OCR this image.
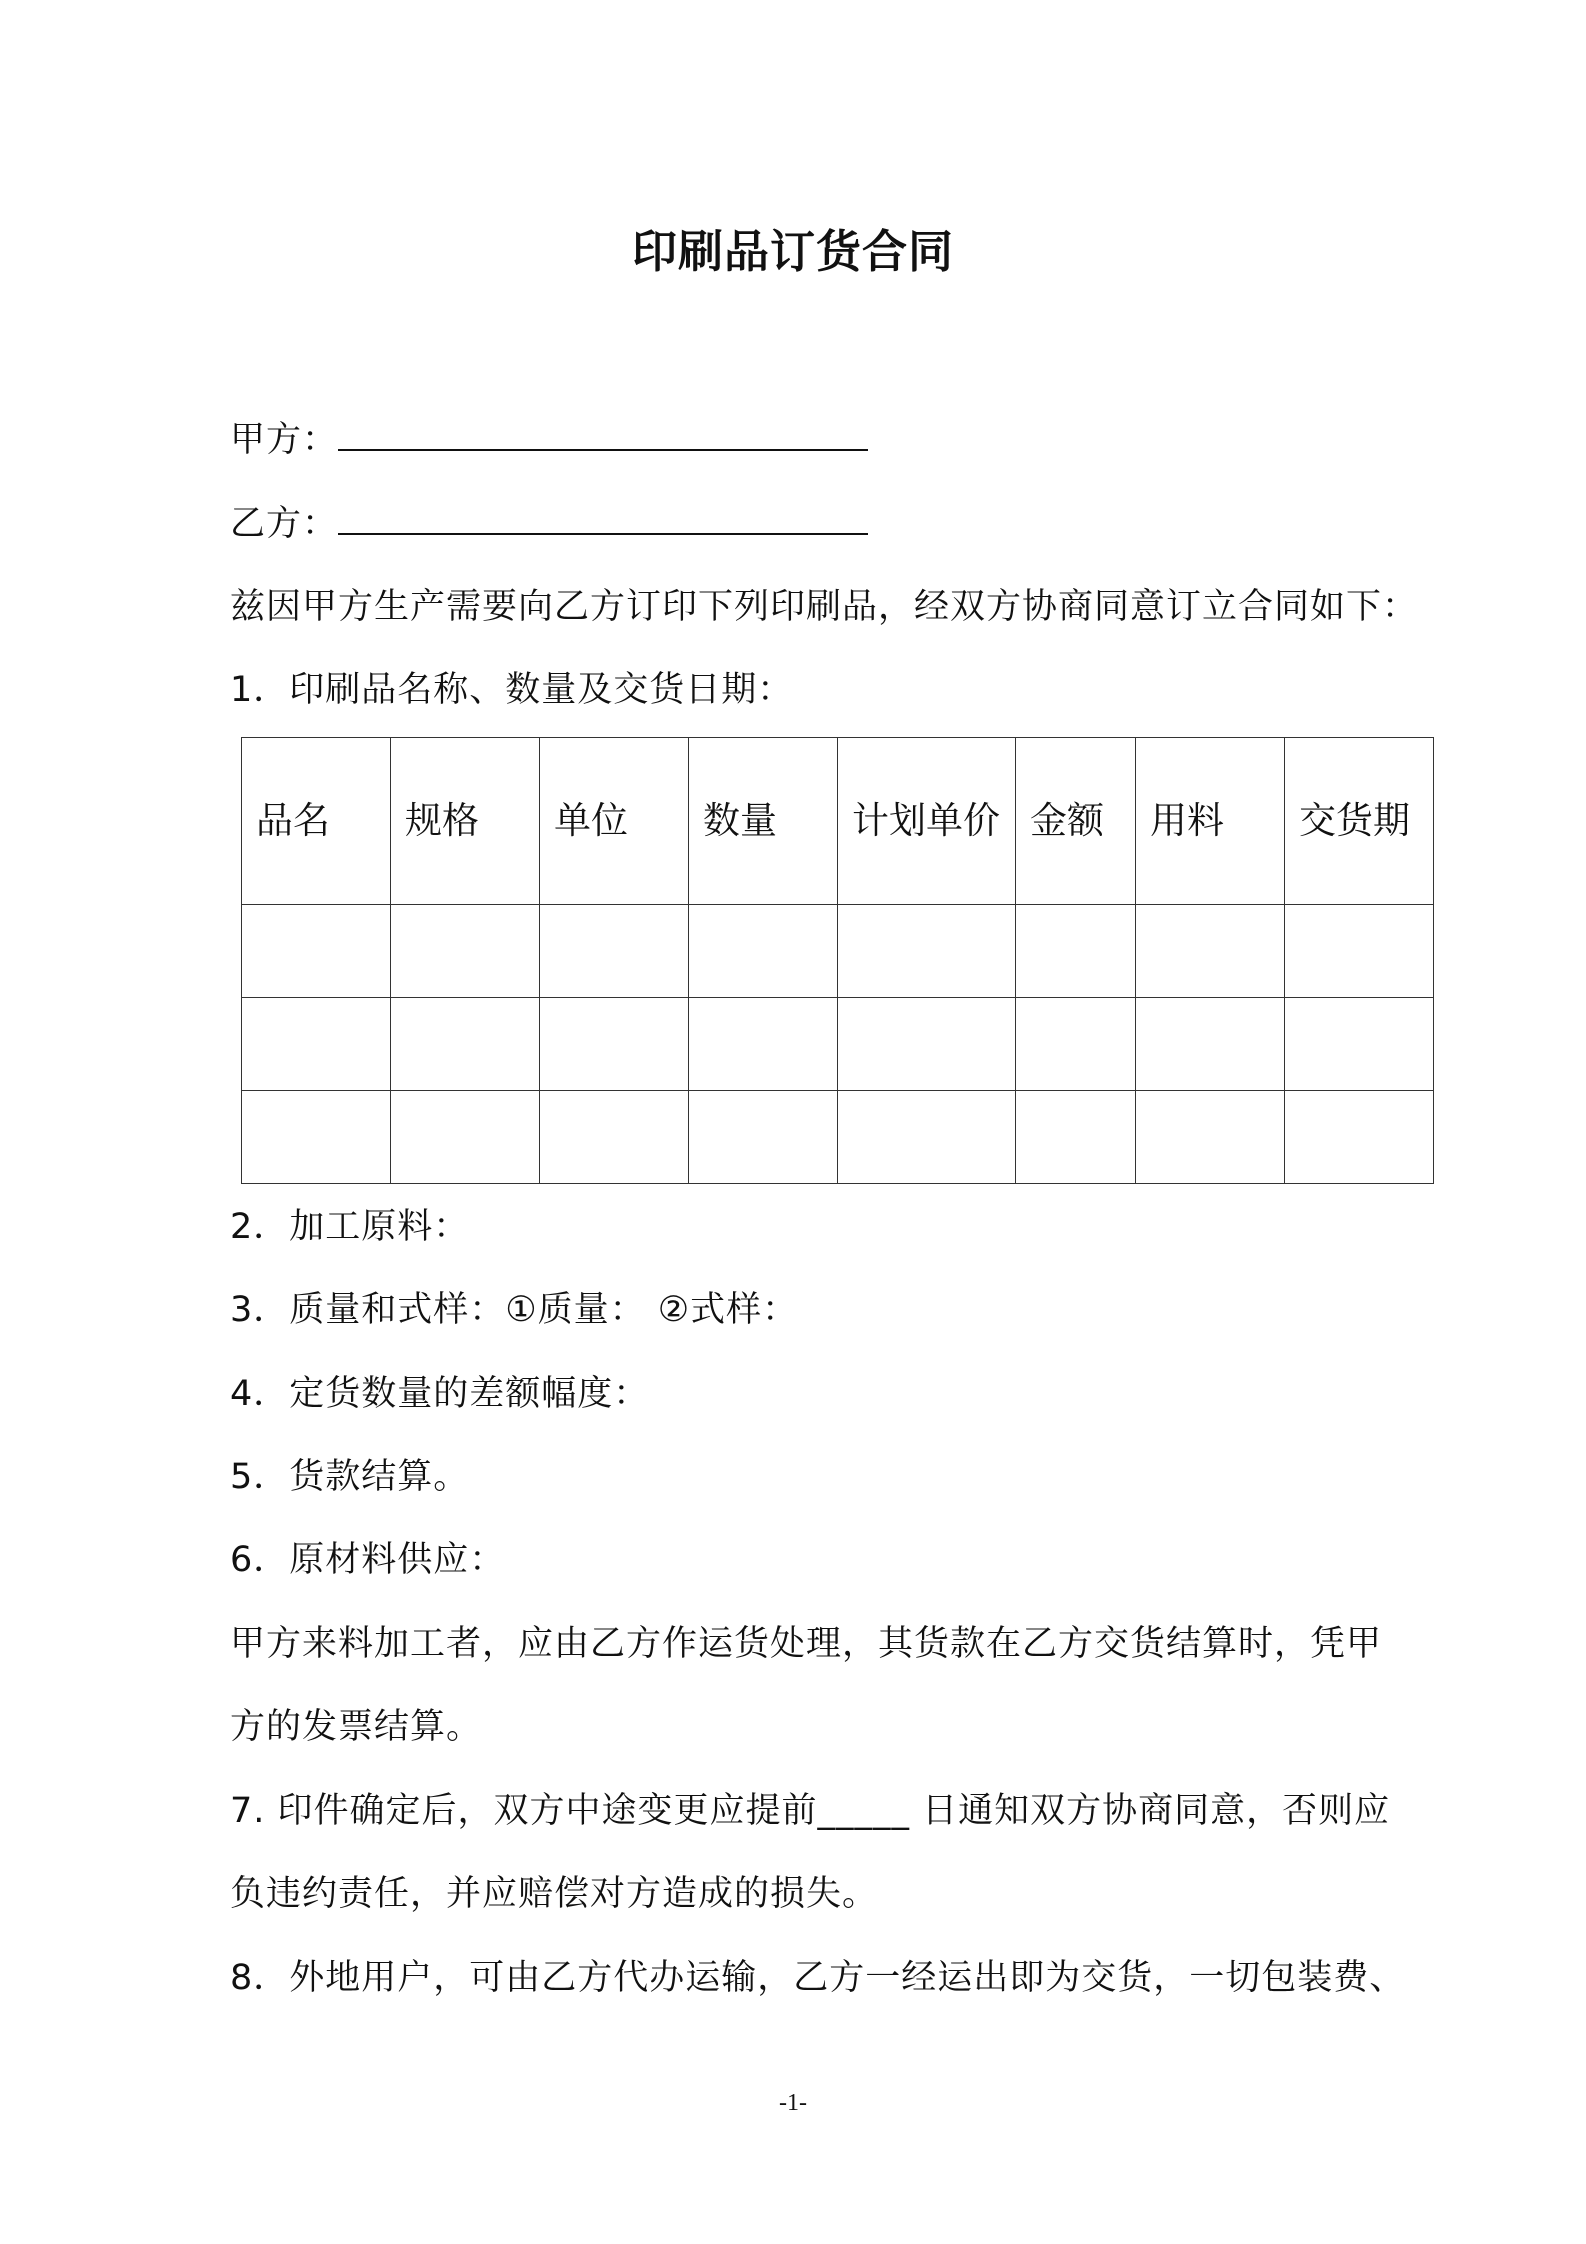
印刷品订货合同
甲方：
乙方：
兹因甲方生产需要向乙方订印下列印刷品，经双方协商同意订立合同如下：
1．印刷品名称、数量及交货日期：
品名	规格	单位	数量	计划单价	金额	用料	交货期

2．加工原料：
3．质量和式样：①质量： ②式样：
4．定货数量的差额幅度：
5．货款结算。
6．原材料供应：
甲方来料加工者，应由乙方作运货处理，其货款在乙方交货结算时，凭甲
方的发票结算。
7. 印件确定后，双方中途变更应提前_____ 日通知双方协商同意，否则应
负违约责任，并应赔偿对方造成的损失。
8．外地用户，可由乙方代办运输，乙方一经运出即为交货，一切包装费、
-1-
